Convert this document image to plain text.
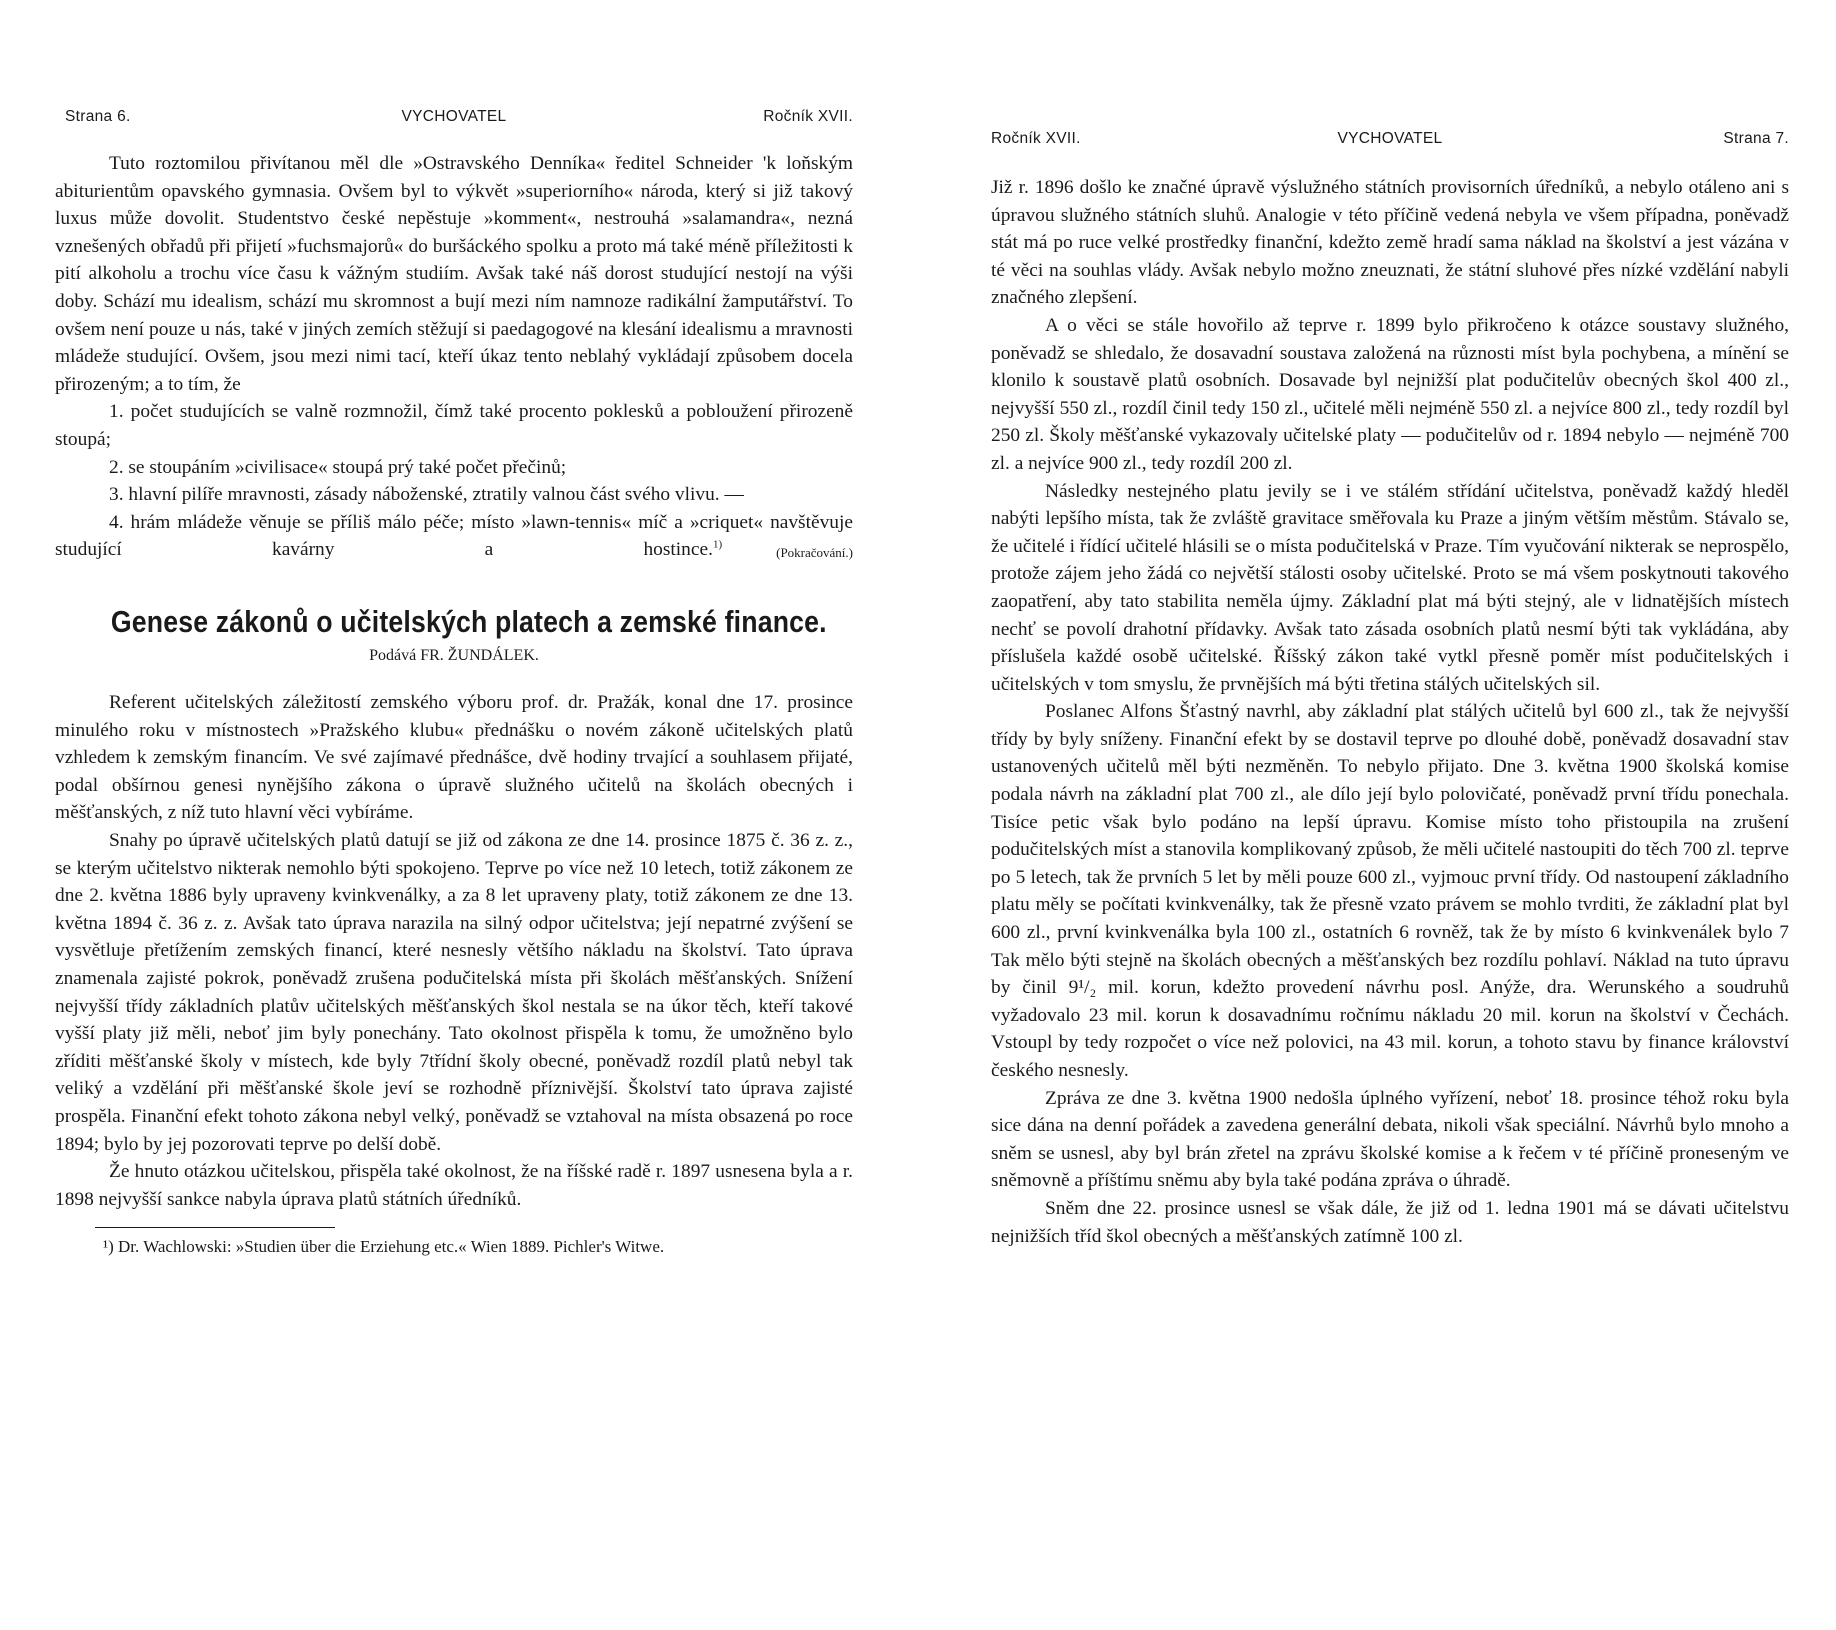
Strana 6.	VYCHOVATEL	Ročník XVII.

Tuto roztomilou přivítanou měl dle »Ostravského Denníka« ředitel Schneider 'k loňským abiturientům opavského gymnasia. Ovšem byl to výkvět »superiorního« národa, který si již takový luxus může dovolit. Studentstvo české nepěstuje »komment«, nestrouhá »salamandra«, nezná vznešených obřadů při přijetí »fuchsmajorů« do buršáckého spolku a proto má také méně příležitosti k pití alkoholu a trochu více času k vážným studiím. Avšak také náš dorost studující nestojí na výši doby. Schází mu idealism, schází mu skromnost a bují mezi ním namnoze radikální žamputářství. To ovšem není pouze u nás, také v jiných zemích stěžují si paedagogové na klesání idealismu a mravnosti mládeže studující. Ovšem, jsou mezi nimi tací, kteří úkaz tento neblahý vykládají způsobem docela přirozeným; a to tím, že

1. počet studujících se valně rozmnožil, čímž také procento poklesků a pobloužení přirozeně stoupá;

2. se stoupáním »civilisace« stoupá prý také počet přečinů;

3. hlavní pilíře mravnosti, zásady náboženské, ztratily valnou část svého vlivu. —

4. hrám mládeže věnuje se příliš málo péče; místo »lawn-tennis« míč a »criquet« navštěvuje studující kavárny a hostince.$^{1)}$
(Pokračování.)

Genese zákonů o učitelských platech a zemské finance.
Podává FR. ŽUNDÁLEK.

Referent učitelských záležitostí zemského výboru prof. dr. Pražák, konal dne 17. prosince minulého roku v místnostech »Pražského klubu« přednášku o novém zákoně učitelských platů vzhledem k zemským financím. Ve své zajímavé přednášce, dvě hodiny trvající a souhlasem přijaté, podal obšírnou genesi nynějšího zákona o úpravě služného učitelů na školách obecných i měšťanských, z níž tuto hlavní věci vybíráme.

Snahy po úpravě učitelských platů datují se již od zákona ze dne 14. prosince 1875 č. 36 z. z., se kterým učitelstvo nikterak nemohlo býti spokojeno. Teprve po více než 10 letech, totiž zákonem ze dne 2. května 1886 byly upraveny kvinkvenálky, a za 8 let upraveny platy, totiž zákonem ze dne 13. května 1894 č. 36 z. z. Avšak tato úprava narazila na silný odpor učitelstva; její nepatrné zvýšení se vysvětluje přetížením zemských financí, které nesnesly většího nákladu na školství. Tato úprava znamenala zajisté pokrok, poněvadž zrušena podučitelská místa při školách měšťanských. Snížení nejvyšší třídy základních platův učitelských měšťanských škol nestala se na úkor těch, kteří takové vyšší platy již měli, neboť jim byly ponechány. Tato okolnost přispěla k tomu, že umožněno bylo zříditi měšťanské školy v místech, kde byly 7třídní školy obecné, poněvadž rozdíl platů nebyl tak veliký a vzdělání při měšťanské škole jeví se rozhodně příznivější. Školství tato úprava zajisté prospěla. Finanční efekt tohoto zákona nebyl velký, poněvadž se vztahoval na místa obsazená po roce 1894; bylo by jej pozorovati teprve po delší době.

Že hnuto otázkou učitelskou, přispěla také okolnost, že na říšské radě r. 1897 usnesena byla a r. 1898 nejvyšší sankce nabyla úprava platů státních úředníků.

¹) Dr. Wachlowski: »Studien über die Erziehung etc.« Wien 1889. Pichler's Witwe.
Ročník XVII.	VYCHOVATEL	Strana 7.

Již r. 1896 došlo ke značné úpravě výslužného státních provisorních úředníků, a nebylo otáleno ani s úpravou služného státních sluhů. Analogie v této příčině vedená nebyla ve všem případna, poněvadž stát má po ruce velké prostředky finanční, kdežto země hradí sama náklad na školství a jest vázána v té věci na souhlas vlády. Avšak nebylo možno zneuznati, že státní sluhové přes nízké vzdělání nabyli značného zlepšení.

A o věci se stále hovořilo až teprve r. 1899 bylo přikročeno k otázce soustavy služného, poněvadž se shledalo, že dosavadní soustava založená na různosti míst byla pochybena, a mínění se klonilo k soustavě platů osobních. Dosavade byl nejnižší plat podučitelův obecných škol 400 zl., nejvyšší 550 zl., rozdíl činil tedy 150 zl., učitelé měli nejméně 550 zl. a nejvíce 800 zl., tedy rozdíl byl 250 zl. Školy měšťanské vykazovaly učitelské platy — podučitelův od r. 1894 nebylo — nejméně 700 zl. a nejvíce 900 zl., tedy rozdíl 200 zl.

Následky nestejného platu jevily se i ve stálém střídání učitelstva, poněvadž každý hleděl nabýti lepšího místa, tak že zvláště gravitace směřovala ku Praze a jiným větším městům. Stávalo se, že učitelé i řídící učitelé hlásili se o místa podučitelská v Praze. Tím vyučování nikterak se neprospělo, protože zájem jeho žádá co největší stálosti osoby učitelské. Proto se má všem poskytnouti takového zaopatření, aby tato stabilita neměla újmy. Základní plat má býti stejný, ale v lidnatějších místech nechť se povolí drahotní přídavky. Avšak tato zásada osobních platů nesmí býti tak vykládána, aby příslušela každé osobě učitelské. Říšský zákon také vytkl přesně poměr míst podučitelských i učitelských v tom smyslu, že prvnějších má býti třetina stálých učitelských sil.

Poslanec Alfons Šťastný navrhl, aby základní plat stálých učitelů byl 600 zl., tak že nejvyšší třídy by byly sníženy. Finanční efekt by se dostavil teprve po dlouhé době, poněvadž dosavadní stav ustanovených učitelů měl býti nezměněn. To nebylo přijato. Dne 3. května 1900 školská komise podala návrh na základní plat 700 zl., ale dílo její bylo polovičaté, poněvadž první třídu ponechala. Tisíce petic však bylo podáno na lepší úpravu. Komise místo toho přistoupila na zrušení podučitelských míst a stanovila komplikovaný způsob, že měli učitelé nastoupiti do těch 700 zl. teprve po 5 letech, tak že prvních 5 let by měli pouze 600 zl., vyjmouc první třídy. Od nastoupení základního platu měly se počítati kvinkvenálky, tak že přesně vzato právem se mohlo tvrditi, že základní plat byl 600 zl., první kvinkvenálka byla 100 zl., ostatních 6 rovněž, tak že by místo 6 kvinkvenálek bylo 7 Tak mělo býti stejně na školách obecných a měšťanských bez rozdílu pohlaví. Náklad na tuto úpravu by činil 9¹/₂ mil. korun, kdežto provedení návrhu posl. Anýže, dra. Werunského a soudruhů vyžadovalo 23 mil. korun k dosavadnímu ročnímu nákladu 20 mil. korun na školství v Čechách. Vstoupl by tedy rozpočet o více než polovici, na 43 mil. korun, a tohoto stavu by finance království českého nesnesly.

Zpráva ze dne 3. května 1900 nedošla úplného vyřízení, neboť 18. prosince téhož roku byla sice dána na denní pořádek a zavedena generální debata, nikoli však speciální. Návrhů bylo mnoho a sněm se usnesl, aby byl brán zřetel na zprávu školské komise a k řečem v té příčině proneseným ve sněmovně a příštímu sněmu aby byla také podána zpráva o úhradě.

Sněm dne 22. prosince usnesl se však dále, že již od 1. ledna 1901 má se dávati učitelstvu nejnižších tříd škol obecných a měšťanských zatímně 100 zl.
